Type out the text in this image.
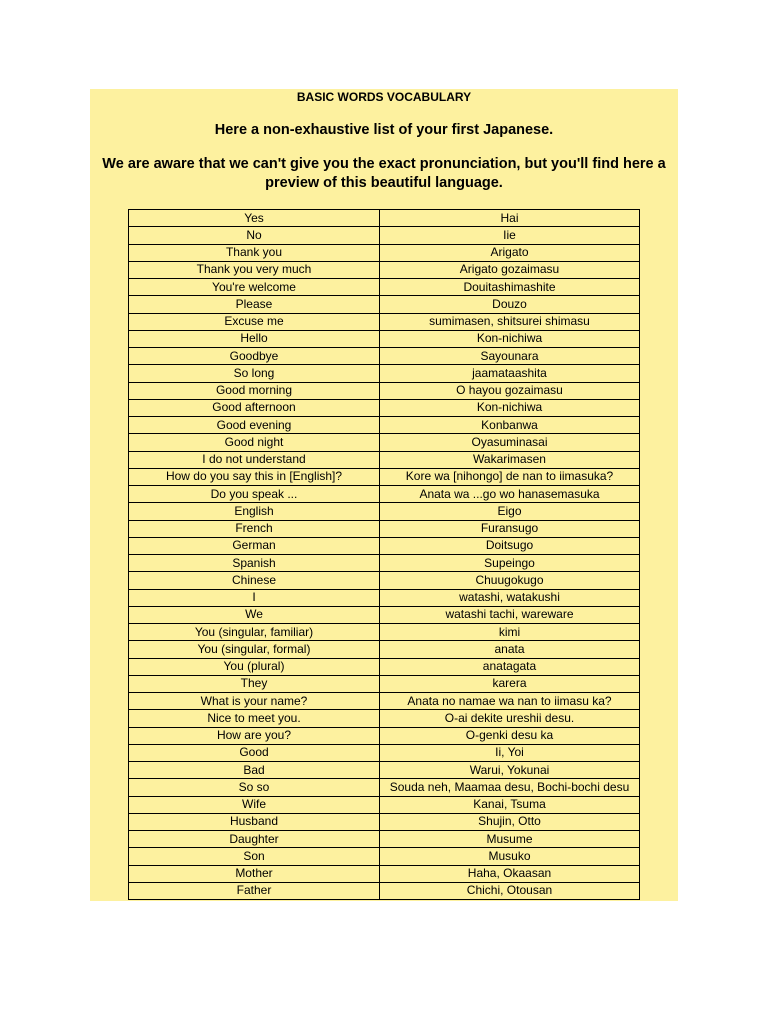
BASIC WORDS VOCABULARY

Here a non-exhaustive list of your first Japanese.

We are aware that we can't give you the exact pronunciation, but you'll find here a preview of this beautiful language.

Yes	Hai
No	Iie
Thank you	Arigato
Thank you very much	Arigato gozaimasu
You're welcome	Douitashimashite
Please	Douzo
Excuse me	sumimasen, shitsurei shimasu
Hello	Kon-nichiwa
Goodbye	Sayounara
So long	jaamataashita
Good morning	O hayou gozaimasu
Good afternoon	Kon-nichiwa
Good evening	Konbanwa
Good night	Oyasuminasai
I do not understand	Wakarimasen
How do you say this in [English]?	Kore wa [nihongo] de nan to iimasuka?
Do you speak ...	Anata wa ...go wo hanasemasuka
English	Eigo
French	Furansugo
German	Doitsugo
Spanish	Supeingo
Chinese	Chuugokugo
I	watashi, watakushi
We	watashi tachi, wareware
You (singular, familiar)	kimi
You (singular, formal)	anata
You (plural)	anatagata
They	karera
What is your name?	Anata no namae wa nan to iimasu ka?
Nice to meet you.	O-ai dekite ureshii desu.
How are you?	O-genki desu ka
Good	Ii, Yoi
Bad	Warui, Yokunai
So so	Souda neh, Maamaa desu, Bochi-bochi desu
Wife	Kanai, Tsuma
Husband	Shujin, Otto
Daughter	Musume
Son	Musuko
Mother	Haha, Okaasan
Father	Chichi, Otousan
